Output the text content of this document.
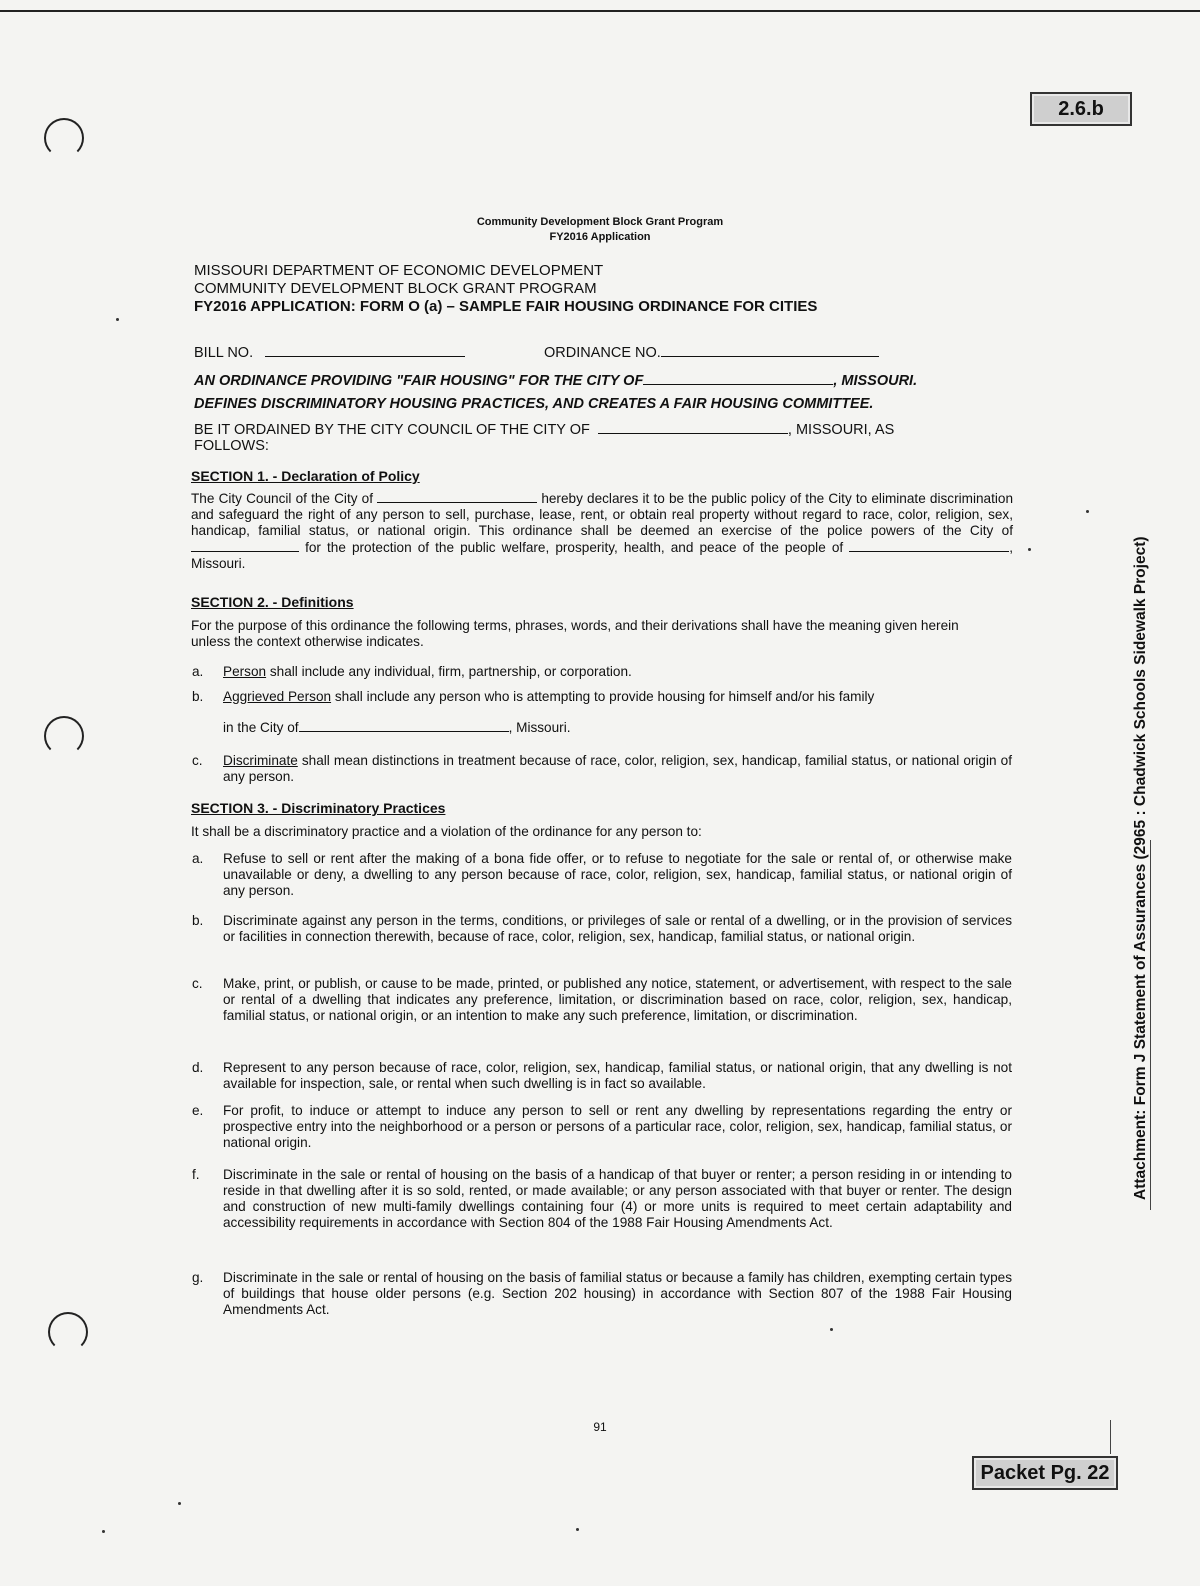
2.6.b
Packet Pg. 22
Attachment: Form J Statement of Assurances (2965 : Chadwick Schools Sidewalk Project)
Community Development Block Grant Program
FY2016 Application
MISSOURI DEPARTMENT OF ECONOMIC DEVELOPMENT
COMMUNITY DEVELOPMENT BLOCK GRANT PROGRAM
FY2016 APPLICATION: FORM O (a) – SAMPLE FAIR HOUSING ORDINANCE FOR CITIES
BILL NO.	ORDINANCE NO.
AN ORDINANCE PROVIDING "FAIR HOUSING" FOR THE CITY OF	, MISSOURI.
DEFINES DISCRIMINATORY HOUSING PRACTICES, AND CREATES A FAIR HOUSING COMMITTEE.
BE IT ORDAINED BY THE CITY COUNCIL OF THE CITY OF	, MISSOURI, AS
FOLLOWS:
SECTION 1. - Declaration of Policy
The City Council of the City of	hereby declares it to be the public policy of the City to eliminate discrimination and safeguard the right of any person to sell, purchase, lease, rent, or obtain real property without regard to race, color, religion, sex, handicap, familial status, or national origin. This ordinance shall be deemed an exercise of the police powers of the City of  for the protection of the public welfare, prosperity, health, and peace of the people of	, Missouri.
SECTION 2. - Definitions
For the purpose of this ordinance the following terms, phrases, words, and their derivations shall have the meaning given herein unless the context otherwise indicates.
a. Person shall include any individual, firm, partnership, or corporation.
b. Aggrieved Person shall include any person who is attempting to provide housing for himself and/or his family
in the City of	, Missouri.
c. Discriminate shall mean distinctions in treatment because of race, color, religion, sex, handicap, familial status, or national origin of any person.
SECTION 3. - Discriminatory Practices
It shall be a discriminatory practice and a violation of the ordinance for any person to:
a. Refuse to sell or rent after the making of a bona fide offer, or to refuse to negotiate for the sale or rental of, or otherwise make unavailable or deny, a dwelling to any person because of race, color, religion, sex, handicap, familial status, or national origin of any person.
b. Discriminate against any person in the terms, conditions, or privileges of sale or rental of a dwelling, or in the provision of services or facilities in connection therewith, because of race, color, religion, sex, handicap, familial status, or national origin.
c. Make, print, or publish, or cause to be made, printed, or published any notice, statement, or advertisement, with respect to the sale or rental of a dwelling that indicates any preference, limitation, or discrimination based on race, color, religion, sex, handicap, familial status, or national origin, or an intention to make any such preference, limitation, or discrimination.
d. Represent to any person because of race, color, religion, sex, handicap, familial status, or national origin, that any dwelling is not available for inspection, sale, or rental when such dwelling is in fact so available.
e. For profit, to induce or attempt to induce any person to sell or rent any dwelling by representations regarding the entry or prospective entry into the neighborhood or a person or persons of a particular race, color, religion, sex, handicap, familial status, or national origin.
f. Discriminate in the sale or rental of housing on the basis of a handicap of that buyer or renter; a person residing in or intending to reside in that dwelling after it is so sold, rented, or made available; or any person associated with that buyer or renter. The design and construction of new multi-family dwellings containing four (4) or more units is required to meet certain adaptability and accessibility requirements in accordance with Section 804 of the 1988 Fair Housing Amendments Act.
g. Discriminate in the sale or rental of housing on the basis of familial status or because a family has children, exempting certain types of buildings that house older persons (e.g. Section 202 housing) in accordance with Section 807 of the 1988 Fair Housing Amendments Act.
91
